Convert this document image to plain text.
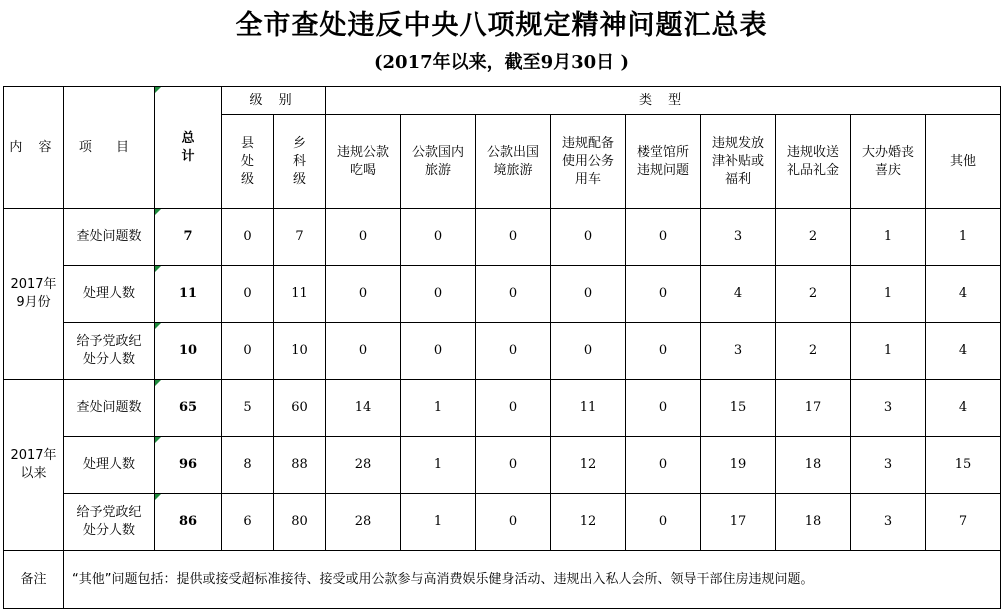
全市查处违反中央八项规定精神问题汇总表
(2017年以来，截至9月30日 )
内 容	项 目	总计	级 别		类 型								
			县处级	乡科级	违规公款吃喝	公款国内旅游	公款出国境旅游	违规配备使用公务用车	楼堂馆所违规问题	违规发放津补贴或福利	违规收送礼品礼金	大办婚丧喜庆	其他
2017年9月份	查处问题数	7	0	7	0	0	0	0	0	3	2	1	1
	处理人数	11	0	11	0	0	0	0	0	4	2	1	4
	给予党政纪处分人数	10	0	10	0	0	0	0	0	3	2	1	4
2017年以来	查处问题数	65	5	60	14	1	0	11	0	15	17	3	4
	处理人数	96	8	88	28	1	0	12	0	19	18	3	15
	给予党政纪处分人数	86	6	80	28	1	0	12	0	17	18	3	7
备注	“其他”问题包括：提供或接受超标准接待、接受或用公款参与高消费娱乐健身活动、违规出入私人会所、领导干部住房违规问题。												
